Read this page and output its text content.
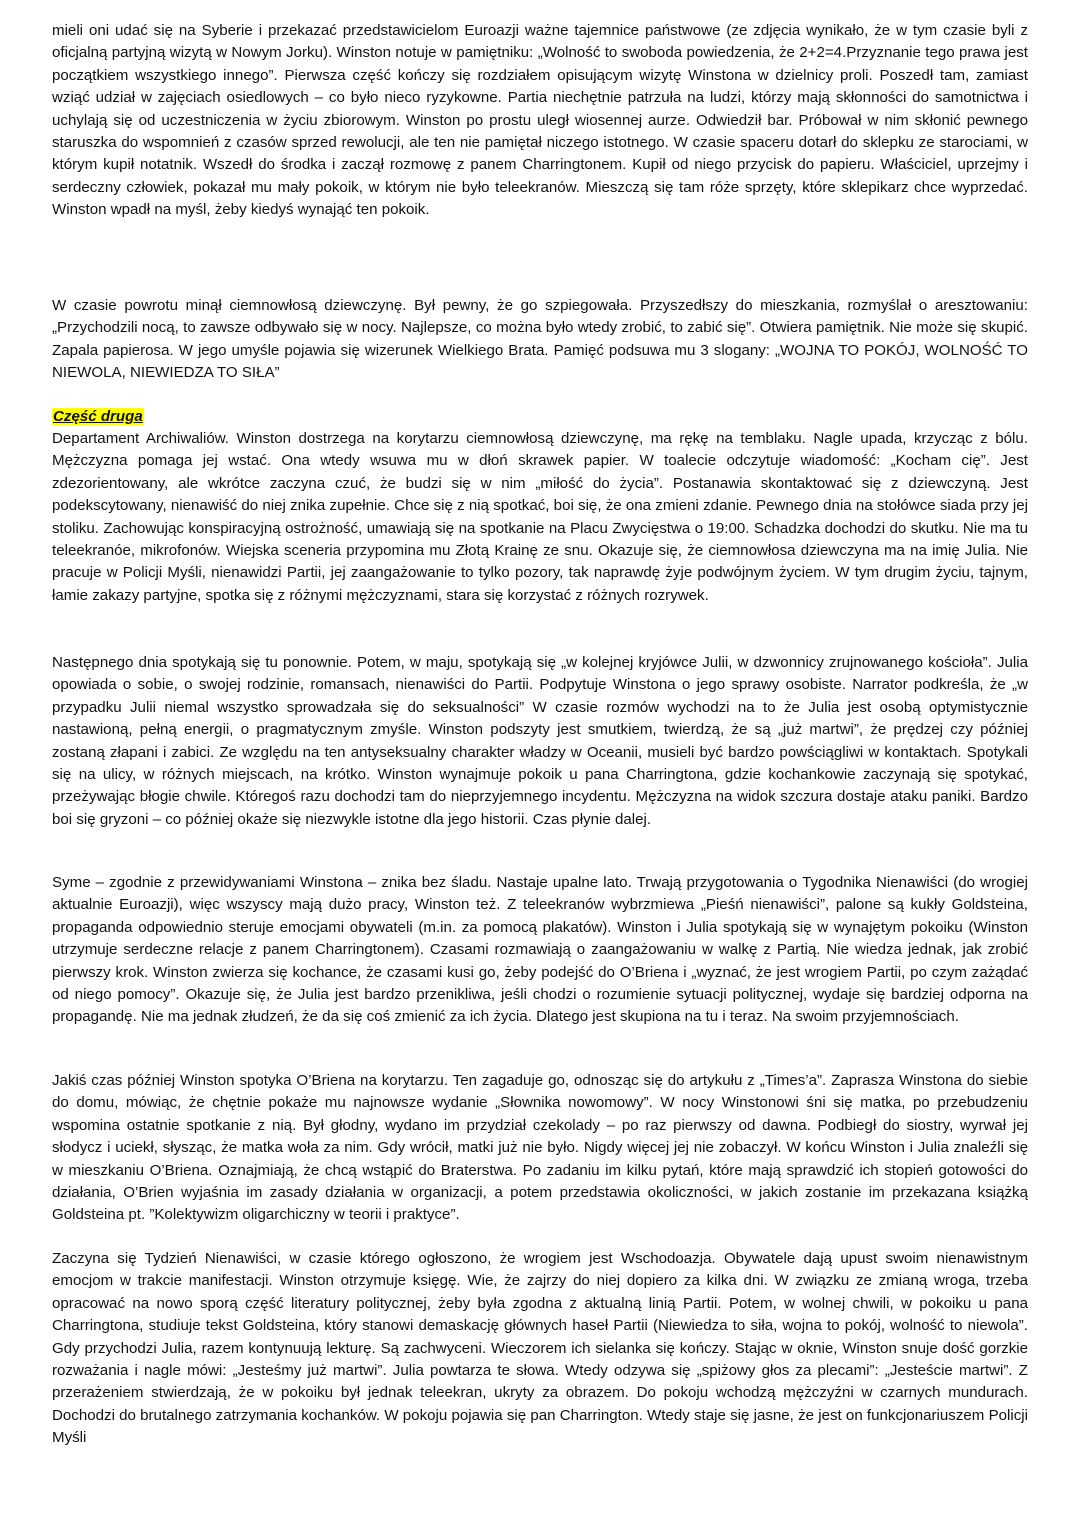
mieli oni udać się na Syberie i przekazać przedstawicielom Euroazji ważne tajemnice państwowe (ze zdjęcia wynikało, że w tym czasie byli z oficjalną partyjną wizytą w Nowym Jorku). Winston notuje w pamiętniku: „Wolność to swoboda powiedzenia, że 2+2=4.Przyznanie tego prawa jest początkiem wszystkiego innego”. Pierwsza część kończy się rozdziałem opisującym wizytę Winstona w dzielnicy proli. Poszedł tam, zamiast wziąć udział w zajęciach osiedlowych – co było nieco ryzykowne. Partia niechętnie patrzuła na ludzi, którzy mają skłonności do samotnictwa i uchylają się od uczestniczenia w życiu zbiorowym. Winston po prostu uległ wiosennej aurze. Odwiedził bar. Próbował w nim skłonić pewnego staruszka do wspomnień z czasów sprzed rewolucji, ale ten nie pamiętał niczego istotnego. W czasie spaceru dotarł do sklepku ze starociami, w którym kupił notatnik. Wszedł do środka i zaczął rozmowę z panem Charringtonem. Kupił od niego przycisk do papieru. Właściciel, uprzejmy i serdeczny człowiek, pokazał mu mały pokoik, w którym nie było teleekranów. Mieszczą się tam róże sprzęty, które sklepikarz chce wyprzedać. Winston wpadł na myśl, żeby kiedyś wynająć ten pokoik.

W czasie powrotu minął ciemnowłosą dziewczynę. Był pewny, że go szpiegowała. Przyszedłszy do mieszkania, rozmyślał o aresztowaniu: „Przychodzili nocą, to zawsze odbywało się w nocy. Najlepsze, co można było wtedy zrobić, to zabić się”. Otwiera pamiętnik. Nie może się skupić. Zapala papierosa. W jego umyśle pojawia się wizerunek Wielkiego Brata. Pamięć podsuwa mu 3 slogany: „WOJNA TO POKÓJ, WOLNOŚĆ TO NIEWOLA, NIEWIEDZA TO SIŁA”

Część druga

Departament Archiwaliów. Winston dostrzega na korytarzu ciemnowłosą dziewczynę, ma rękę na temblaku. Nagle upada, krzycząc z bólu. Mężczyzna pomaga jej wstać. Ona wtedy wsuwa mu w dłoń skrawek papier. W toalecie odczytuje wiadomość: „Kocham cię”. Jest zdezorientowany, ale wkrótce zaczyna czuć, że budzi się w nim „miłość do życia”. Postanawia skontaktować się z dziewczyną. Jest podekscytowany, nienawiść do niej znika zupełnie. Chce się z nią spotkać, boi się, że ona zmieni zdanie. Pewnego dnia na stołówce siada przy jej stoliku. Zachowując konspiracyjną ostrożność, umawiają się na spotkanie na Placu Zwycięstwa o 19:00. Schadzka dochodzi do skutku. Nie ma tu teleekranóe, mikrofonów. Wiejska sceneria przypomina mu Złotą Krainę ze snu. Okazuje się, że ciemnowłosa dziewczyna ma na imię Julia. Nie pracuje w Policji Myśli, nienawidzi Partii, jej zaangażowanie to tylko pozory, tak naprawdę żyje podwójnym życiem. W tym drugim życiu, tajnym, łamie zakazy partyjne, spotka się z różnymi mężczyznami, stara się korzystać z różnych rozrywek.

Następnego dnia spotykają się tu ponownie. Potem, w maju, spotykają się „w kolejnej kryjówce Julii, w dzwonnicy zrujnowanego kościoła”. Julia opowiada o sobie, o swojej rodzinie, romansach, nienawiści do Partii. Podpytuje Winstona o jego sprawy osobiste. Narrator podkreśla, że „w przypadku Julii niemal wszystko sprowadzała się do seksualności” W czasie rozmów wychodzi na to że Julia jest osobą optymistycznie nastawioną, pełną energii, o pragmatycznym zmyśle. Winston podszyty jest smutkiem, twierdzą, że są „już martwi”, że prędzej czy później zostaną złapani i zabici. Ze względu na ten antyseksualny charakter władzy w Oceanii, musieli być bardzo powściągliwi w kontaktach. Spotykali się na ulicy, w różnych miejscach, na krótko. Winston wynajmuje pokoik u pana Charringtona, gdzie kochankowie zaczynają się spotykać, przeżywając błogie chwile. Któregoś razu dochodzi tam do nieprzyjemnego incydentu. Mężczyzna na widok szczura dostaje ataku paniki. Bardzo boi się gryzoni – co później okaże się niezwykle istotne dla jego historii. Czas płynie dalej.

Syme – zgodnie z przewidywaniami Winstona – znika bez śladu. Nastaje upalne lato. Trwają przygotowania o Tygodnika Nienawiści (do wrogiej aktualnie Euroazji), więc wszyscy mają dużo pracy, Winston też. Z teleekranów wybrzmiewa „Pieśń nienawiści”, palone są kukły Goldsteina, propaganda odpowiednio steruje emocjami obywateli (m.in. za pomocą plakatów). Winston i Julia spotykają się w wynajętym pokoiku (Winston utrzymuje serdeczne relacje z panem Charringtonem). Czasami rozmawiają o zaangażowaniu w walkę z Partią. Nie wiedza jednak, jak zrobić pierwszy krok. Winston zwierza się kochance, że czasami kusi go, żeby podejść do O’Briena i „wyznać, że jest wrogiem Partii, po czym zażądać od niego pomocy”. Okazuje się, że Julia jest bardzo przenikliwa, jeśli chodzi o rozumienie sytuacji politycznej, wydaje się bardziej odporna na propagandę. Nie ma jednak złudzeń, że da się coś zmienić za ich życia. Dlatego jest skupiona na tu i teraz. Na swoim przyjemnościach.

Jakiś czas później Winston spotyka O’Briena na korytarzu. Ten zagaduje go, odnosząc się do artykułu z „Times’a”. Zaprasza Winstona do siebie do domu, mówiąc, że chętnie pokaże mu najnowsze wydanie „Słownika nowomowy”. W nocy Winstonowi śni się matka, po przebudzeniu wspomina ostatnie spotkanie z nią. Był głodny, wydano im przydział czekolady – po raz pierwszy od dawna. Podbiegł do siostry, wyrwał jej słodycz i uciekł, słysząc, że matka woła za nim. Gdy wrócił, matki już nie było. Nigdy więcej jej nie zobaczył. W końcu Winston i Julia znaleźli się w mieszkaniu O’Briena. Oznajmiają, że chcą wstąpić do Braterstwa. Po zadaniu im kilku pytań, które mają sprawdzić ich stopień gotowości do działania, O’Brien wyjaśnia im zasady działania w organizacji, a potem przedstawia okoliczności, w jakich zostanie im przekazana książką Goldsteina pt. ”Kolektywizm oligarchiczny w teorii i praktyce”.

Zaczyna się Tydzień Nienawiści, w czasie którego ogłoszono, że wrogiem jest Wschodoazja. Obywatele dają upust swoim nienawistnym emocjom w trakcie manifestacji. Winston otrzymuje księgę. Wie, że zajrzy do niej dopiero za kilka dni. W związku ze zmianą wroga, trzeba opracować na nowo sporą część literatury politycznej, żeby była zgodna z aktualną linią Partii. Potem, w wolnej chwili, w pokoiku u pana Charringtona, studiuje tekst Goldsteina, który stanowi demaskację głównych haseł Partii (Niewiedza to siła, wojna to pokój, wolność to niewola”. Gdy przychodzi Julia, razem kontynuują lekturę. Są zachwyceni. Wieczorem ich sielanka się kończy. Stając w oknie, Winston snuje dość gorzkie rozważania i nagle mówi: „Jesteśmy już martwi”. Julia powtarza te słowa. Wtedy odzywa się „spiżowy głos za plecami”: „Jesteście martwi”. Z przerażeniem stwierdzają, że w pokoiku był jednak teleekran, ukryty za obrazem. Do pokoju wchodzą mężczyźni w czarnych mundurach. Dochodzi do brutalnego zatrzymania kochanków. W pokoju pojawia się pan Charrington. Wtedy staje się jasne, że jest on funkcjonariuszem Policji Myśli
